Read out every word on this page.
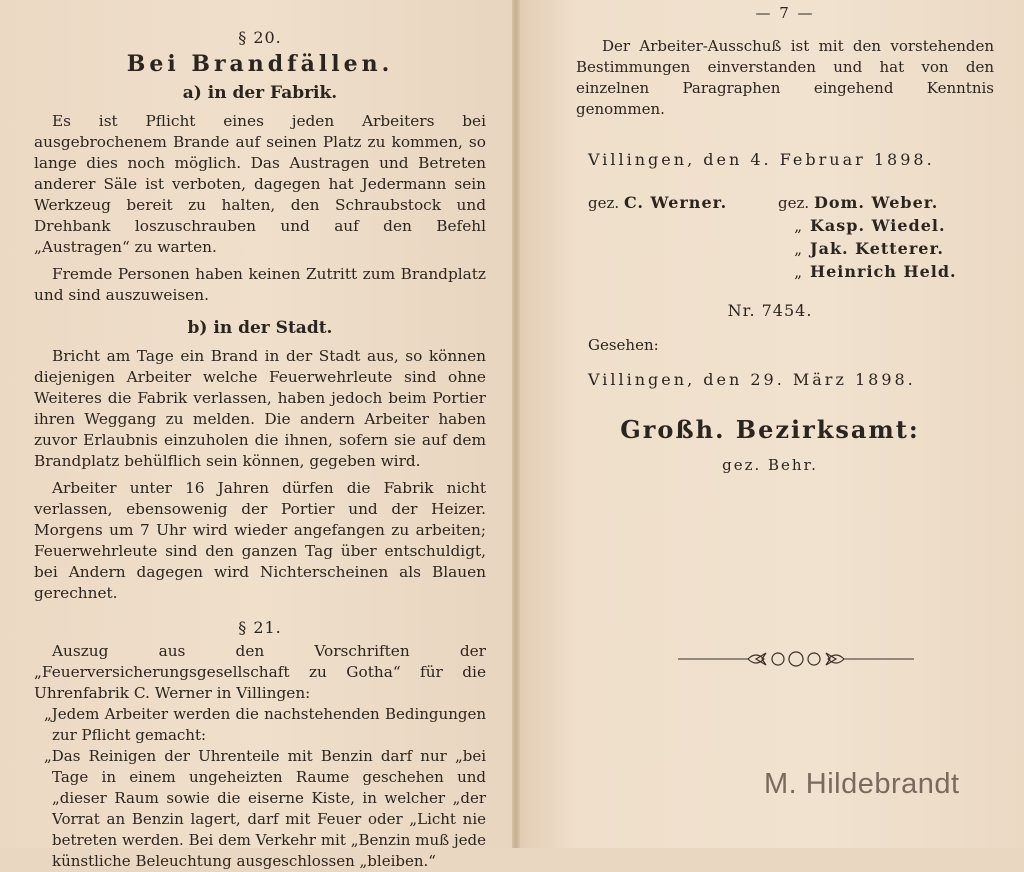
§ 20.

Bei Brandfällen.

a) in der Fabrik.

Es ist Pflicht eines jeden Arbeiters bei ausgebrochenem Brande auf seinen Platz zu kommen, so lange dies noch möglich. Das Austragen und Betreten anderer Säle ist verboten, dagegen hat Jedermann sein Werkzeug bereit zu halten, den Schraubstock und Drehbank loszuschrauben und auf den Befehl „Austragen“ zu warten.

Fremde Personen haben keinen Zutritt zum Brandplatz und sind auszuweisen.

b) in der Stadt.

Bricht am Tage ein Brand in der Stadt aus, so können diejenigen Arbeiter welche Feuerwehrleute sind ohne Weiteres die Fabrik verlassen, haben jedoch beim Portier ihren Weggang zu melden. Die andern Arbeiter haben zuvor Erlaubnis einzuholen die ihnen, sofern sie auf dem Brandplatz behülflich sein können, gegeben wird.

Arbeiter unter 16 Jahren dürfen die Fabrik nicht verlassen, ebensowenig der Portier und der Heizer. Morgens um 7 Uhr wird wieder angefangen zu arbeiten; Feuerwehrleute sind den ganzen Tag über entschuldigt, bei Andern dagegen wird Nichterscheinen als Blauen gerechnet.

§ 21.

Auszug aus den Vorschriften der „Feuerversicherungsgesellschaft zu Gotha“ für die Uhrenfabrik C. Werner in Villingen:

„Jedem Arbeiter werden die nachstehenden Bedingungen zur Pflicht gemacht:

„Das Reinigen der Uhrenteile mit Benzin darf nur „bei Tage in einem ungeheizten Raume geschehen und „dieser Raum sowie die eiserne Kiste, in welcher „der Vorrat an Benzin lagert, darf mit Feuer oder „Licht nie betreten werden. Bei dem Verkehr mit „Benzin muß jede künstliche Beleuchtung ausgeschlossen „bleiben.“

— 7 —

Der Arbeiter-Ausschuß ist mit den vorstehenden Bestimmungen einverstanden und hat von den einzelnen Paragraphen eingehend Kenntnis genommen.

Villingen, den 4. Februar 1898.

gez. C. Werner.	gez. Dom. Weber.
	„ Kasp. Wiedel.
	„ Jak. Ketterer.
	„ Heinrich Held.

Nr. 7454.

Gesehen:

Villingen, den 29. März 1898.

Großh. Bezirksamt:

gez. Behr.

M. Hildebrandt
